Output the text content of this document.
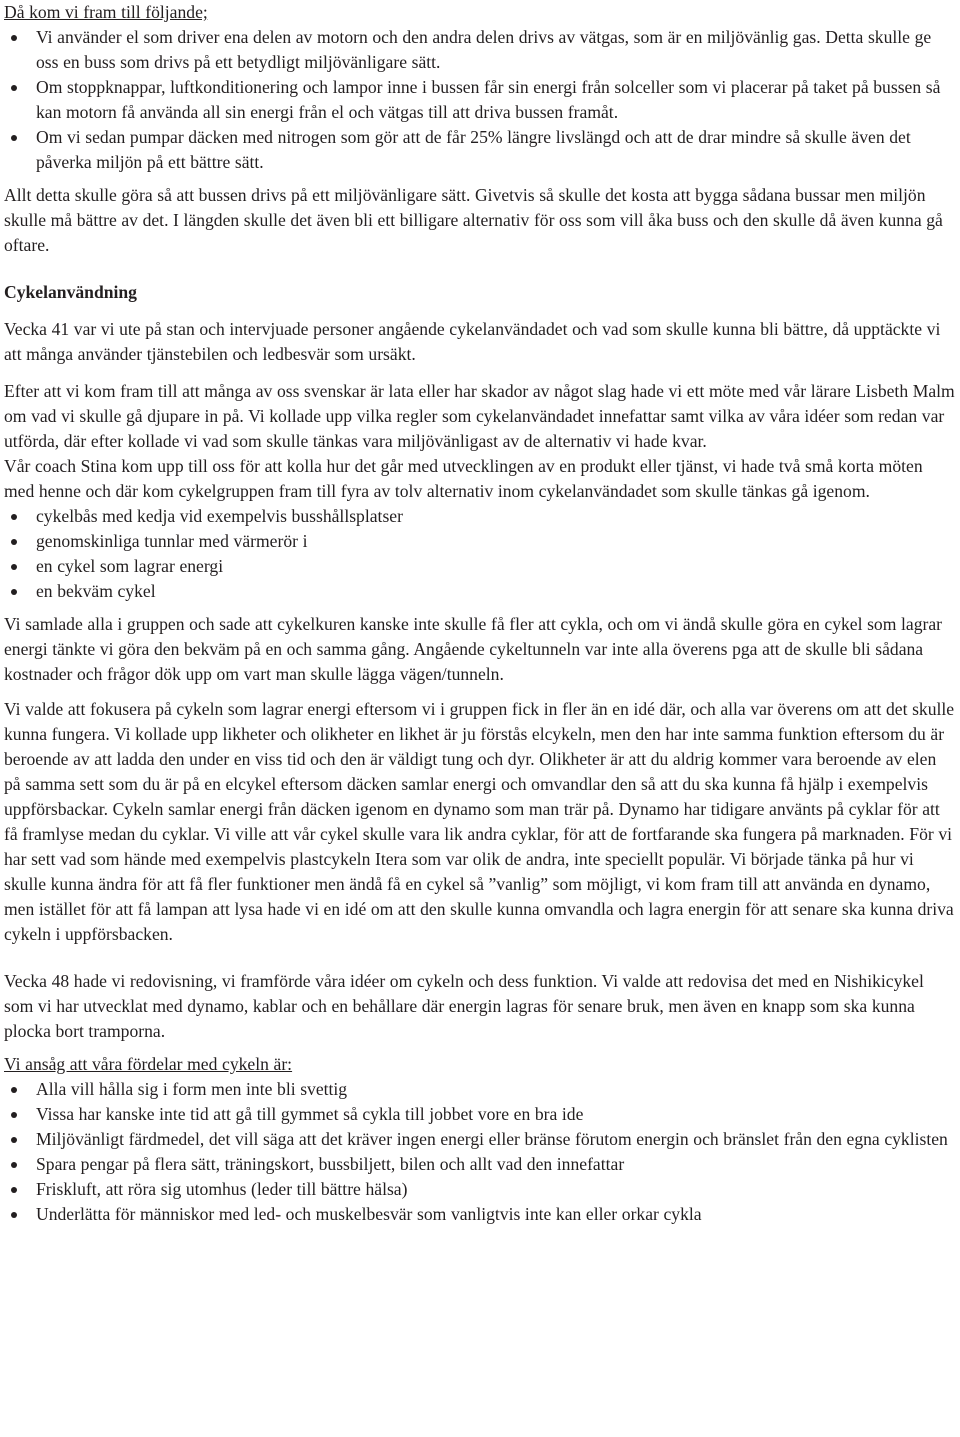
Då kom vi fram till följande;

Vi använder el som driver ena delen av motorn och den andra delen drivs av vätgas, som är en miljövänlig gas. Detta skulle ge oss en buss som drivs på ett betydligt miljövänligare sätt.
Om stoppknappar, luftkonditionering och lampor inne i bussen får sin energi från solceller som vi placerar på taket på bussen så kan motorn få använda all sin energi från el och vätgas till att driva bussen framåt.
Om vi sedan pumpar däcken med nitrogen som gör att de får 25% längre livslängd och att de drar mindre så skulle även det påverka miljön på ett bättre sätt.

Allt detta skulle göra så att bussen drivs på ett miljövänligare sätt. Givetvis så skulle det kosta att bygga sådana bussar men miljön skulle må bättre av det. I längden skulle det även bli ett billigare alternativ för oss som vill åka buss och den skulle då även kunna gå oftare.

Cykelanvändning

Vecka 41 var vi ute på stan och intervjuade personer angående cykelanvändadet och vad som skulle kunna bli bättre, då upptäckte vi att många använder tjänstebilen och ledbesvär som ursäkt.

Efter att vi kom fram till att många av oss svenskar är lata eller har skador av något slag hade vi ett möte med vår lärare Lisbeth Malm om vad vi skulle gå djupare in på. Vi kollade upp vilka regler som cykelanvändadet innefattar samt vilka av våra idéer som redan var utförda, där efter kollade vi vad som skulle tänkas vara miljövänligast av de alternativ vi hade kvar.

Vår coach Stina kom upp till oss för att kolla hur det går med utvecklingen av en produkt eller tjänst, vi hade två små korta möten med henne och där kom cykelgruppen fram till fyra av tolv alternativ inom cykelanvändadet som skulle tänkas gå igenom.

cykelbås med kedja vid exempelvis busshållsplatser
genomskinliga tunnlar med värmerör i
en cykel som lagrar energi
en bekväm cykel

Vi samlade alla i gruppen och sade att cykelkuren kanske inte skulle få fler att cykla, och om vi ändå skulle göra en cykel som lagrar energi tänkte vi göra den bekväm på en och samma gång. Angående cykeltunneln var inte alla överens pga att de skulle bli sådana kostnader och frågor dök upp om vart man skulle lägga vägen/tunneln.

Vi valde att fokusera på cykeln som lagrar energi eftersom vi i gruppen fick in fler än en idé där, och alla var överens om att det skulle kunna fungera. Vi kollade upp likheter och olikheter en likhet är ju förstås elcykeln, men den har inte samma funktion eftersom du är beroende av att ladda den under en viss tid och den är väldigt tung och dyr. Olikheter är att du aldrig kommer vara beroende av elen på samma sett som du är på en elcykel eftersom däcken samlar energi och omvandlar den så att du ska kunna få hjälp i exempelvis uppförsbackar. Cykeln samlar energi från däcken igenom en dynamo som man trär på. Dynamo har tidigare använts på cyklar för att få framlyse medan du cyklar. Vi ville att vår cykel skulle vara lik andra cyklar, för att de fortfarande ska fungera på marknaden. För vi har sett vad som hände med exempelvis plastcykeln Itera som var olik de andra, inte speciellt populär. Vi började tänka på hur vi skulle kunna ändra för att få fler funktioner men ändå få en cykel så ”vanlig” som möjligt, vi kom fram till att använda en dynamo, men istället för att få lampan att lysa hade vi en idé om att den skulle kunna omvandla och lagra energin för att senare ska kunna driva cykeln i uppförsbacken.

Vecka 48 hade vi redovisning, vi framförde våra idéer om cykeln och dess funktion. Vi valde att redovisa det med en Nishikicykel som vi har utvecklat med dynamo, kablar och en behållare där energin lagras för senare bruk, men även en knapp som ska kunna plocka bort tramporna.

Vi ansåg att våra fördelar med cykeln är:

Alla vill hålla sig i form men inte bli svettig
Vissa har kanske inte tid att gå till gymmet så cykla till jobbet vore en bra ide
Miljövänligt färdmedel, det vill säga att det kräver ingen energi eller bränse förutom energin och bränslet från den egna cyklisten
Spara pengar på flera sätt, träningskort, bussbiljett, bilen och allt vad den innefattar
Friskluft, att röra sig utomhus (leder till bättre hälsa)
Underlätta för människor med led- och muskelbesvär som vanligtvis inte kan eller orkar cykla
